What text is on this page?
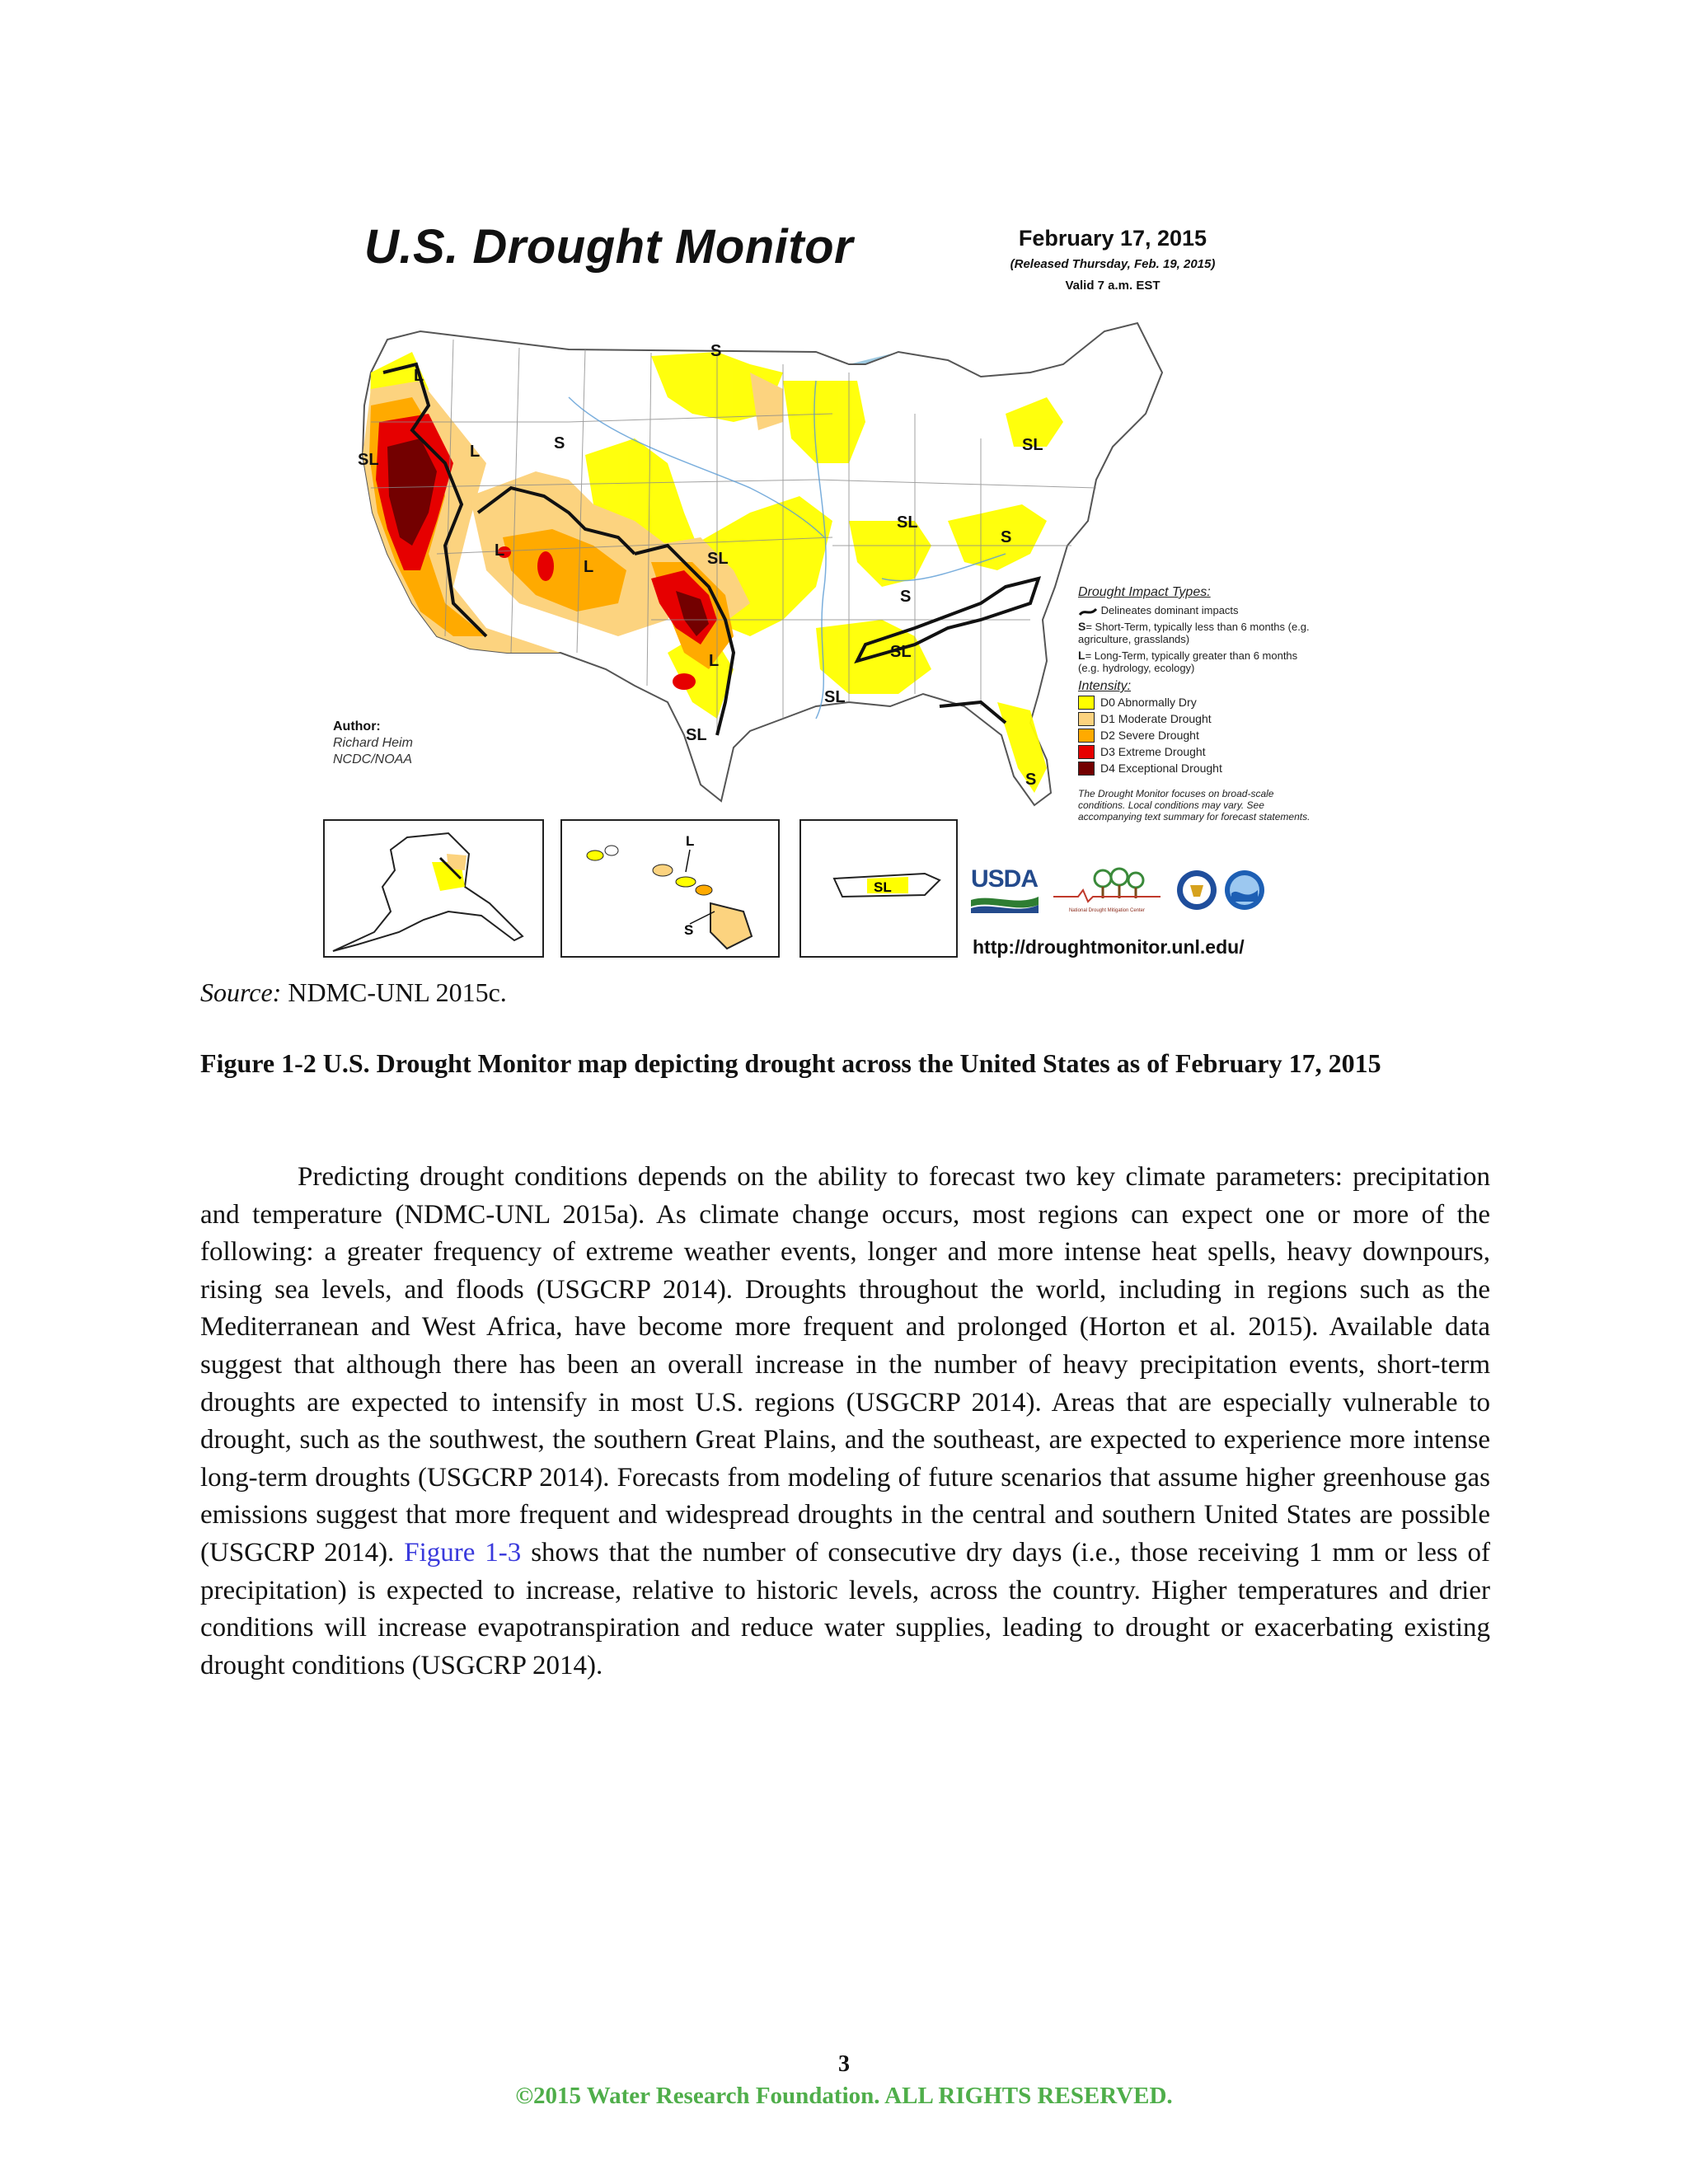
U.S. Drought Monitor	February 17, 2015
(Released Thursday, Feb. 19, 2015)
Valid 7 a.m. EST
L
S
L	S
SL
L
L	SL
L
SL
SL
SL
SL
S
S
SL
S
Author:
Richard Heim
NCDC/NOAA
Drought Impact Types:
Delineates dominant impacts
S= Short-Term, typically less than 6 months (e.g. agriculture, grasslands)
L= Long-Term, typically greater than 6 months (e.g. hydrology, ecology)
Intensity:
D0 Abnormally Dry
D1 Moderate Drought
D2 Severe Drought
D3 Extreme Drought
D4 Exceptional Drought
The Drought Monitor focuses on broad-scale conditions. Local conditions may vary. See accompanying text summary for forecast statements.
L
S
SL	USDA
National Drought Mitigation Center
http://droughtmonitor.unl.edu/
Source: NDMC-UNL 2015c.
Figure 1-2 U.S. Drought Monitor map depicting drought across the United States as of February 17, 2015
Predicting drought conditions depends on the ability to forecast two key climate parameters: precipitation and temperature (NDMC-UNL 2015a). As climate change occurs, most regions can expect one or more of the following: a greater frequency of extreme weather events, longer and more intense heat spells, heavy downpours, rising sea levels, and floods (USGCRP 2014). Droughts throughout the world, including in regions such as the Mediterranean and West Africa, have become more frequent and prolonged (Horton et al. 2015). Available data suggest that although there has been an overall increase in the number of heavy precipitation events, short-term droughts are expected to intensify in most U.S. regions (USGCRP 2014). Areas that are especially vulnerable to drought, such as the southwest, the southern Great Plains, and the southeast, are expected to experience more intense long-term droughts (USGCRP 2014). Forecasts from modeling of future scenarios that assume higher greenhouse gas emissions suggest that more frequent and widespread droughts in the central and southern United States are possible (USGCRP 2014). Figure 1-3 shows that the number of consecutive dry days (i.e., those receiving 1 mm or less of precipitation) is expected to increase, relative to historic levels, across the country. Higher temperatures and drier conditions will increase evapotranspiration and reduce water supplies, leading to drought or exacerbating existing drought conditions (USGCRP 2014).
3
©2015 Water Research Foundation. ALL RIGHTS RESERVED.
